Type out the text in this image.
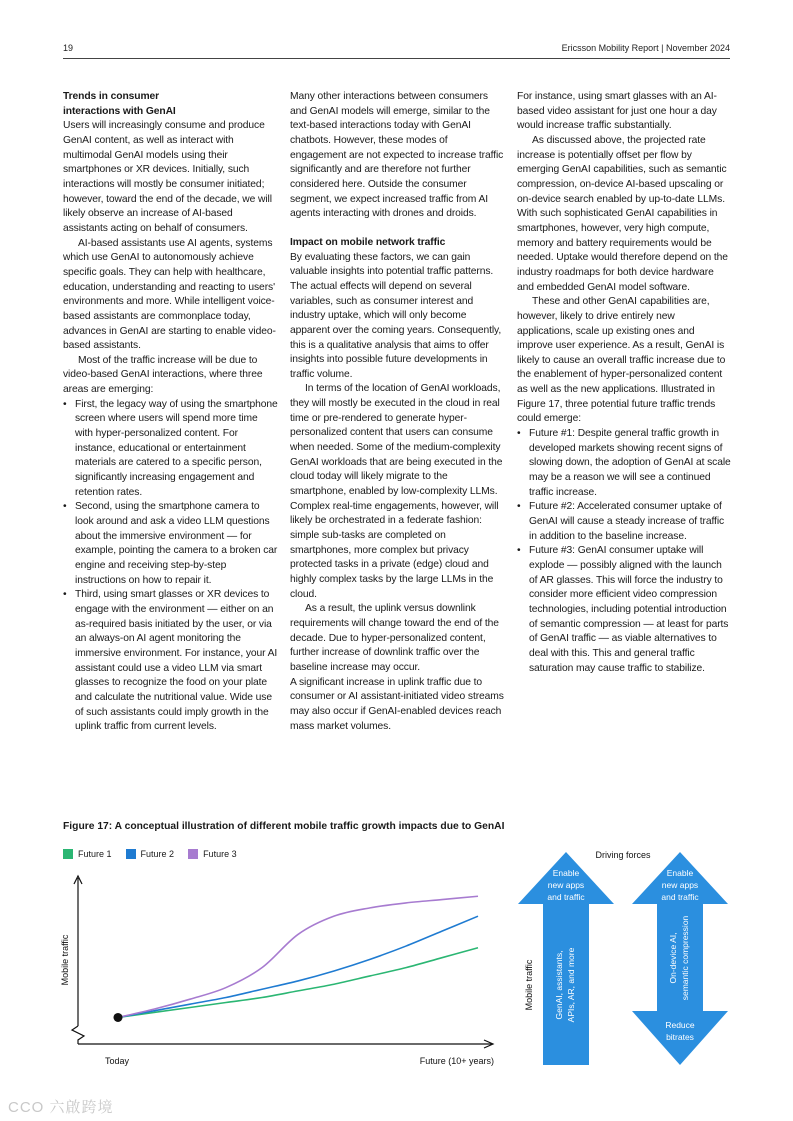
19	Ericsson Mobility Report | November 2024
Trends in consumer
interactions with GenAI

Users will increasingly consume and produce GenAI content, as well as interact with multimodal GenAI models using their smartphones or XR devices. Initially, such interactions will mostly be consumer initiated; however, toward the end of the decade, we will likely observe an increase of AI-based assistants acting on behalf of consumers.

AI-based assistants use AI agents, systems which use GenAI to autonomously achieve specific goals. They can help with healthcare, education, understanding and reacting to users' environments and more. While intelligent voice-based assistants are commonplace today, advances in GenAI are starting to enable video-based assistants.

Most of the traffic increase will be due to video-based GenAI interactions, where three areas are emerging:

• First, the legacy way of using the smartphone screen where users will spend more time with hyper-personalized content. For instance, educational or entertainment materials are catered to a specific person, significantly increasing engagement and retention rates.
• Second, using the smartphone camera to look around and ask a video LLM questions about the immersive environment — for example, pointing the camera to a broken car engine and receiving step-by-step instructions on how to repair it.
• Third, using smart glasses or XR devices to engage with the environment — either on an as-required basis initiated by the user, or via an always-on AI agent monitoring the immersive environment. For instance, your AI assistant could use a video LLM via smart glasses to recognize the food on your plate and calculate the nutritional value. Wide use of such assistants could imply growth in the uplink traffic from current levels.

Many other interactions between consumers and GenAI models will emerge, similar to the text-based interactions today with GenAI chatbots. However, these modes of engagement are not expected to increase traffic significantly and are therefore not further considered here. Outside the consumer segment, we expect increased traffic from AI agents interacting with drones and droids.

Impact on mobile network traffic

By evaluating these factors, we can gain valuable insights into potential traffic patterns. The actual effects will depend on several variables, such as consumer interest and industry uptake, which will only become apparent over the coming years. Consequently, this is a qualitative analysis that aims to offer insights into possible future developments in traffic volume.

In terms of the location of GenAI workloads, they will mostly be executed in the cloud in real time or pre-rendered to generate hyper-personalized content that users can consume when needed. Some of the medium-complexity GenAI workloads that are being executed in the cloud today will likely migrate to the smartphone, enabled by low-complexity LLMs. Complex real-time engagements, however, will likely be orchestrated in a federate fashion: simple sub-tasks are completed on smartphones, more complex but privacy protected tasks in a private (edge) cloud and highly complex tasks by the large LLMs in the cloud.

As a result, the uplink versus downlink requirements will change toward the end of the decade. Due to hyper-personalized content, further increase of downlink traffic over the baseline increase may occur.

A significant increase in uplink traffic due to consumer or AI assistant-initiated video streams may also occur if GenAI-enabled devices reach mass market volumes.

For instance, using smart glasses with an AI-based video assistant for just one hour a day would increase traffic substantially.

As discussed above, the projected rate increase is potentially offset per flow by emerging GenAI capabilities, such as semantic compression, on-device AI-based upscaling or on-device search enabled by up-to-date LLMs. With such sophisticated GenAI capabilities in smartphones, however, very high compute, memory and battery requirements would be needed. Uptake would therefore depend on the industry roadmaps for both device hardware and embedded GenAI model software.

These and other GenAI capabilities are, however, likely to drive entirely new applications, scale up existing ones and improve user experience. As a result, GenAI is likely to cause an overall traffic increase due to the enablement of hyper-personalized content as well as the new applications. Illustrated in Figure 17, three potential future traffic trends could emerge:

• Future #1: Despite general traffic growth in developed markets showing recent signs of slowing down, the adoption of GenAI at scale may be a reason we will see a continued traffic increase.
• Future #2: Accelerated consumer uptake of GenAI will cause a steady increase of traffic in addition to the baseline increase.
• Future #3: GenAI consumer uptake will explode — possibly aligned with the launch of AR glasses. This will force the industry to consider more efficient video compression technologies, including potential introduction of semantic compression — at least for parts of GenAI traffic — as viable alternatives to deal with this. This and general traffic saturation may cause traffic to stabilize.
Figure 17: A conceptual illustration of different mobile traffic growth impacts due to GenAI
Future 1	Future 2	Future 3
Mobile traffic
Today	Future (10+ years)
Driving forces
Mobile traffic
Enable
new apps
and traffic
GenAI, assistants, APIs, AR, and more
Enable
new apps
and traffic
On-device AI, semantic compression
Reduce
bitrates
CCO 六啟跨境
